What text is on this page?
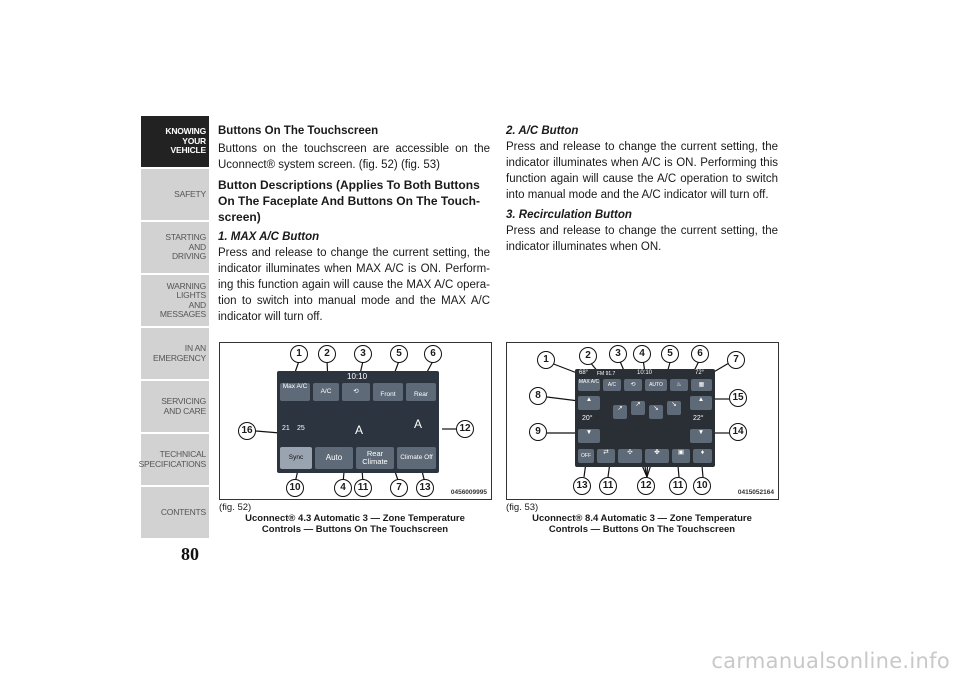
KNOWING
YOUR
VEHICLE
SAFETY
STARTING
AND
DRIVING
WARNING
LIGHTS
AND
MESSAGES
IN AN
EMERGENCY
SERVICING
AND CARE
TECHNICAL
SPECIFICATIONS
CONTENTS
80
Buttons On The Touchscreen

Buttons on the touchscreen are accessible on the Uconnect® system screen. (fig. 52) (fig. 53)

Button Descriptions (Applies To Both Buttons On The Faceplate And Buttons On The Touch-screen)
1. MAX A/C Button

Press and release to change the current setting, the indicator illuminates when MAX A/C is ON. Perform-ing this function again will cause the MAX A/C opera-tion to switch into manual mode and the MAX A/C indicator will turn off.

2. A/C Button

Press and release to change the current setting, the indicator illuminates when A/C is ON. Performing this function again will cause the A/C operation to switch into manual mode and the A/C indicator will turn off.

3. Recirculation Button

Press and release to change the current setting, the indicator illuminates when ON.

10:10
Max A/C
A/C	⟲	Front	Rear
21 25	A	A
Sync	Auto	Rear Climate	Climate Off
1	2	3	5	6
16	12
10	4	11	7	13	0456009995
68° FM 91.7	10:10	72°
MAX A/C	A/C	⟲	AUTO	♨	▦
▲
20°
▼
↗
↗
↘
↘
▲
22°
▼
OFF	⇄	✣	✤	▣	♦
1	2	3	4	5	6
7
8	15
9	14
13	11	12	11	10
0415052164
(fig. 52)
Uconnect® 4.3 Automatic 3 — Zone Temperature
Controls — Buttons On The Touchscreen
(fig. 53)
Uconnect® 8.4 Automatic 3 — Zone Temperature
Controls — Buttons On The Touchscreen
carmanualsonline.info
